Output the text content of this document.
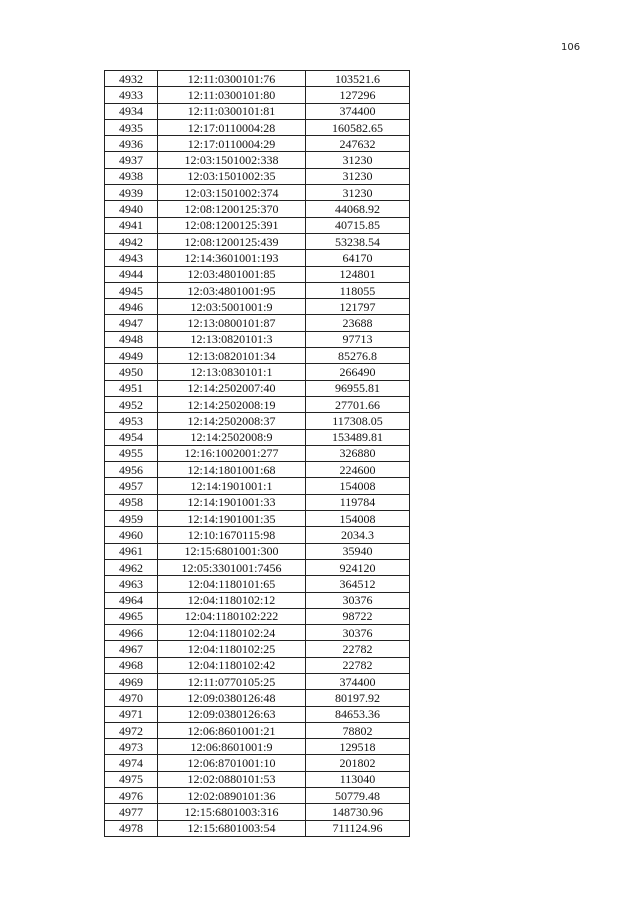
106
4932	12:11:0300101:76	103521.6
4933	12:11:0300101:80	127296
4934	12:11:0300101:81	374400
4935	12:17:0110004:28	160582.65
4936	12:17:0110004:29	247632
4937	12:03:1501002:338	31230
4938	12:03:1501002:35	31230
4939	12:03:1501002:374	31230
4940	12:08:1200125:370	44068.92
4941	12:08:1200125:391	40715.85
4942	12:08:1200125:439	53238.54
4943	12:14:3601001:193	64170
4944	12:03:4801001:85	124801
4945	12:03:4801001:95	118055
4946	12:03:5001001:9	121797
4947	12:13:0800101:87	23688
4948	12:13:0820101:3	97713
4949	12:13:0820101:34	85276.8
4950	12:13:0830101:1	266490
4951	12:14:2502007:40	96955.81
4952	12:14:2502008:19	27701.66
4953	12:14:2502008:37	117308.05
4954	12:14:2502008:9	153489.81
4955	12:16:1002001:277	326880
4956	12:14:1801001:68	224600
4957	12:14:1901001:1	154008
4958	12:14:1901001:33	119784
4959	12:14:1901001:35	154008
4960	12:10:1670115:98	2034.3
4961	12:15:6801001:300	35940
4962	12:05:3301001:7456	924120
4963	12:04:1180101:65	364512
4964	12:04:1180102:12	30376
4965	12:04:1180102:222	98722
4966	12:04:1180102:24	30376
4967	12:04:1180102:25	22782
4968	12:04:1180102:42	22782
4969	12:11:0770105:25	374400
4970	12:09:0380126:48	80197.92
4971	12:09:0380126:63	84653.36
4972	12:06:8601001:21	78802
4973	12:06:8601001:9	129518
4974	12:06:8701001:10	201802
4975	12:02:0880101:53	113040
4976	12:02:0890101:36	50779.48
4977	12:15:6801003:316	148730.96
4978	12:15:6801003:54	711124.96
